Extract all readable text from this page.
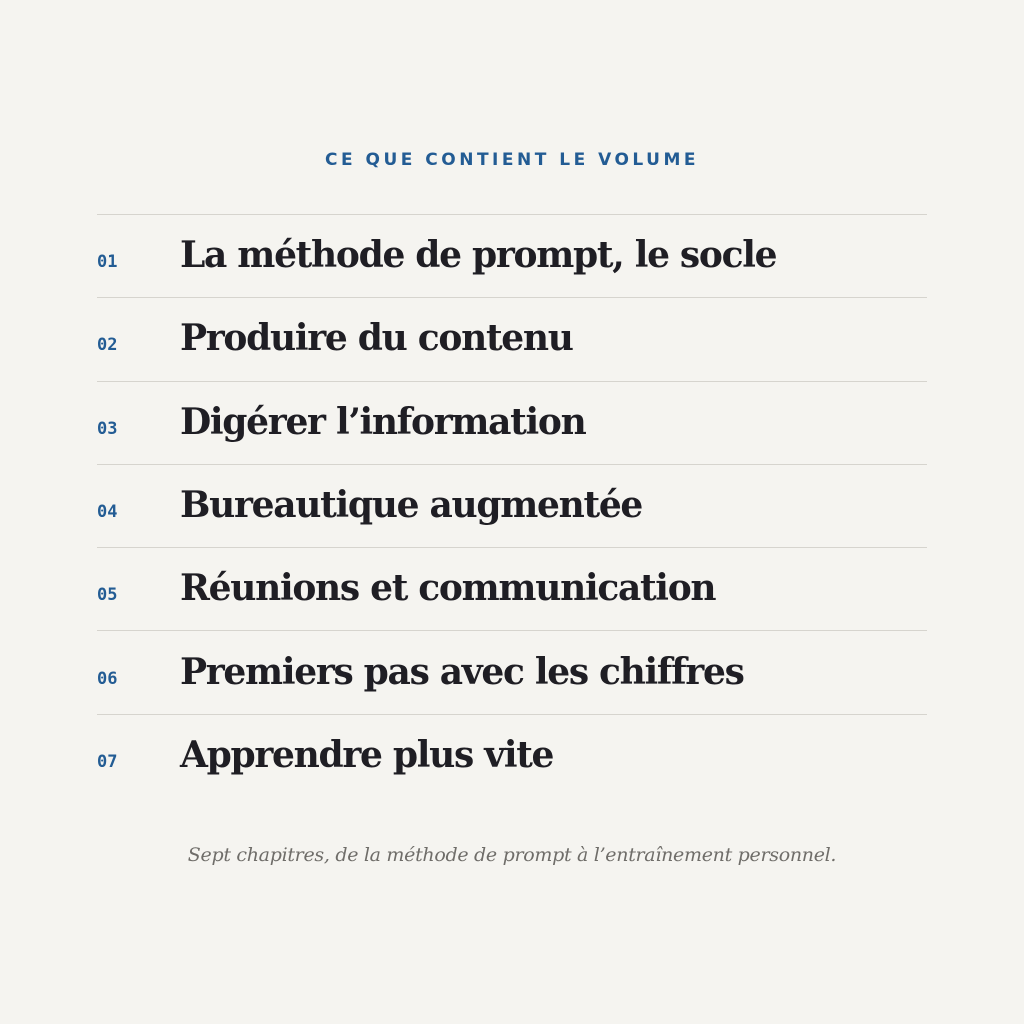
CE QUE CONTIENT LE VOLUME
01	La méthode de prompt, le socle
02	Produire du contenu
03	Digérer l’information
04	Bureautique augmentée
05	Réunions et communication
06	Premiers pas avec les chiffres
07	Apprendre plus vite

Sept chapitres, de la méthode de prompt à l’entraînement personnel.
